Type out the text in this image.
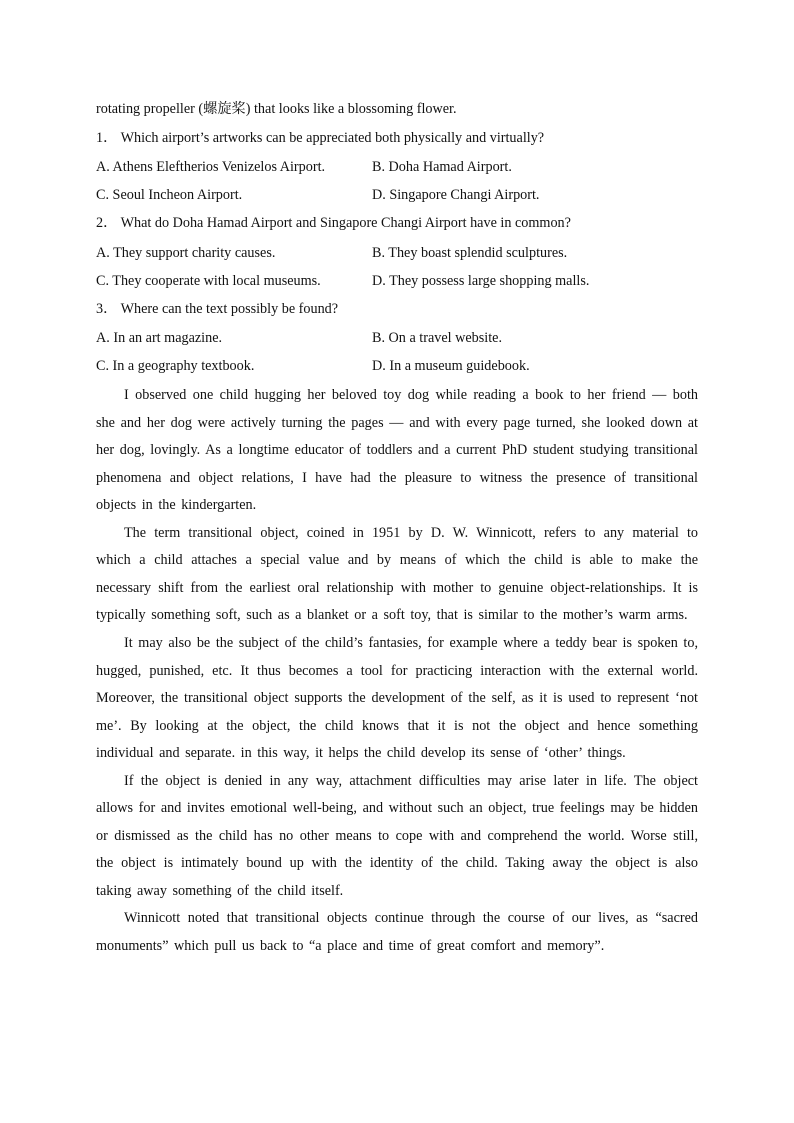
rotating propeller (螺旋桨) that looks like a blossoming flower.
1． Which airport’s artworks can be appreciated both physically and virtually?
A. Athens Eleftherios Venizelos Airport.	B. Doha Hamad Airport.
C. Seoul Incheon Airport.	D. Singapore Changi Airport.
2． What do Doha Hamad Airport and Singapore Changi Airport have in common?
A. They support charity causes.	B. They boast splendid sculptures.
C. They cooperate with local museums.	D. They possess large shopping malls.
3． Where can the text possibly be found?
A. In an art magazine.	B. On a travel website.
C. In a geography textbook.	D. In a museum guidebook.

I observed one child hugging her beloved toy dog while reading a book to her friend — both she and her dog were actively turning the pages — and with every page turned, she looked down at her dog, lovingly. As a longtime educator of toddlers and a current PhD student studying transitional phenomena and object relations, I have had the pleasure to witness the presence of transitional objects in the kindergarten.

The term transitional object, coined in 1951 by D. W. Winnicott, refers to any material to which a child attaches a special value and by means of which the child is able to make the necessary shift from the earliest oral relationship with mother to genuine object-relationships. It is typically something soft, such as a blanket or a soft toy, that is similar to the mother’s warm arms.

It may also be the subject of the child’s fantasies, for example where a teddy bear is spoken to, hugged, punished, etc. It thus becomes a tool for practicing interaction with the external world. Moreover, the transitional object supports the development of the self, as it is used to represent ‘not me’. By looking at the object, the child knows that it is not the object and hence something individual and separate. in this way, it helps the child develop its sense of ‘other’ things.

If the object is denied in any way, attachment difficulties may arise later in life. The object allows for and invites emotional well-being, and without such an object, true feelings may be hidden or dismissed as the child has no other means to cope with and comprehend the world. Worse still, the object is intimately bound up with the identity of the child. Taking away the object is also taking away something of the child itself.

Winnicott noted that transitional objects continue through the course of our lives, as “sacred monuments” which pull us back to “a place and time of great comfort and memory”.
